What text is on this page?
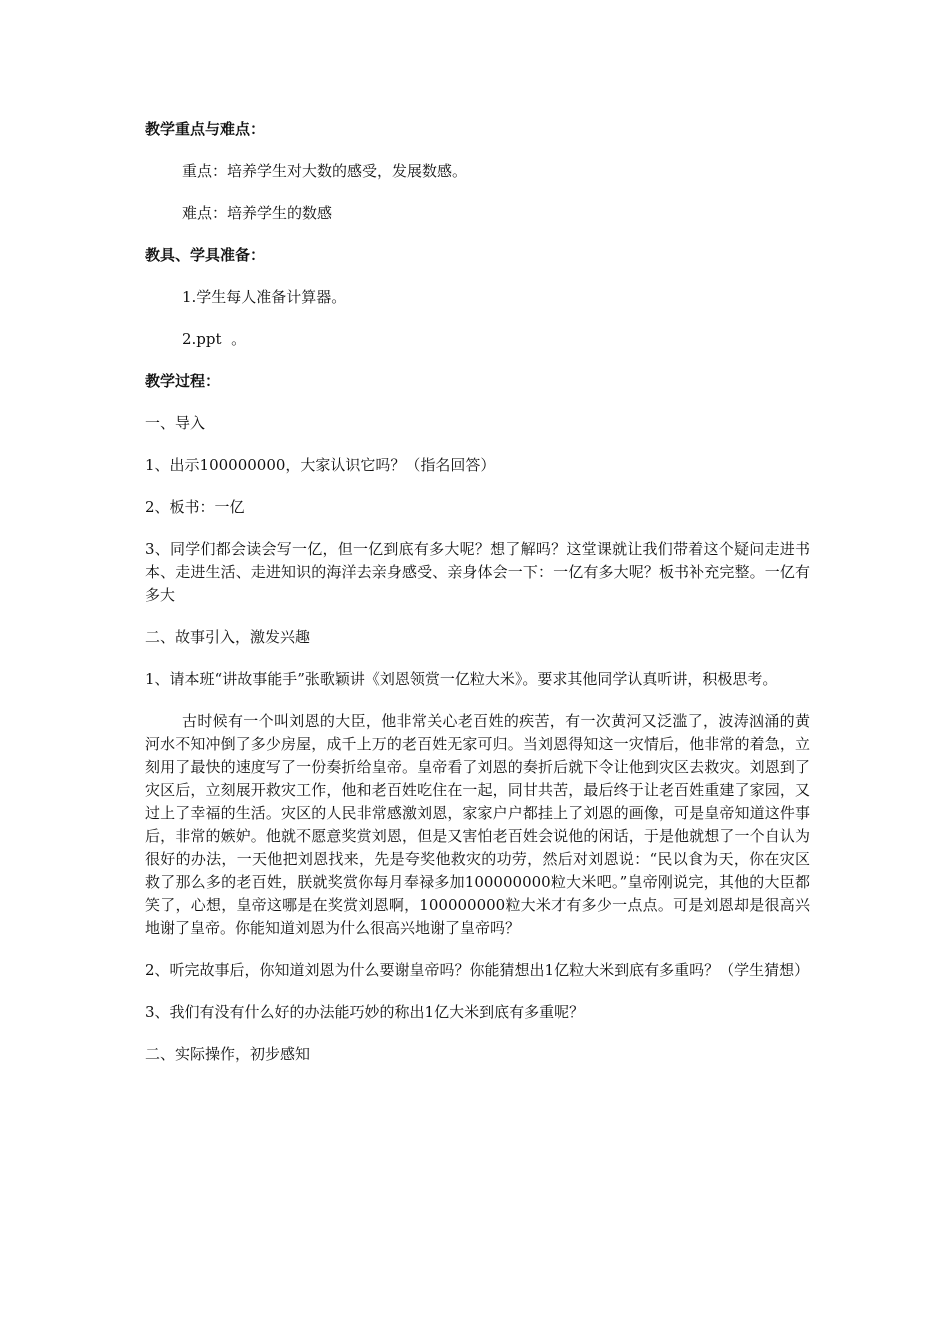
教学重点与难点：

重点：培养学生对大数的感受，发展数感。

难点：培养学生的数感

教具、学具准备：

1.学生每人准备计算器。

2.ppt  。

教学过程：

一、导入

1、出示100000000，大家认识它吗？（指名回答）

2、板书：一亿

3、同学们都会读会写一亿，但一亿到底有多大呢？想了解吗？这堂课就让我们带着这个疑问走进书本、走进生活、走进知识的海洋去亲身感受、亲身体会一下：一亿有多大呢？板书补充完整。一亿有多大

二、故事引入，激发兴趣

1、请本班“讲故事能手”张歌颖讲《刘恩领赏一亿粒大米》。要求其他同学认真听讲，积极思考。

古时候有一个叫刘恩的大臣，他非常关心老百姓的疾苦，有一次黄河又泛滥了，波涛汹涌的黄河水不知冲倒了多少房屋，成千上万的老百姓无家可归。当刘恩得知这一灾情后，他非常的着急，立刻用了最快的速度写了一份奏折给皇帝。皇帝看了刘恩的奏折后就下令让他到灾区去救灾。刘恩到了灾区后，立刻展开救灾工作，他和老百姓吃住在一起，同甘共苦，最后终于让老百姓重建了家园，又过上了幸福的生活。灾区的人民非常感激刘恩，家家户户都挂上了刘恩的画像，可是皇帝知道这件事后，非常的嫉妒。他就不愿意奖赏刘恩，但是又害怕老百姓会说他的闲话，于是他就想了一个自认为很好的办法，一天他把刘恩找来，先是夸奖他救灾的功劳，然后对刘恩说：“民以食为天，你在灾区救了那么多的老百姓，朕就奖赏你每月奉禄多加100000000粒大米吧。”皇帝刚说完，其他的大臣都笑了，心想，皇帝这哪是在奖赏刘恩啊，100000000粒大米才有多少一点点。可是刘恩却是很高兴地谢了皇帝。你能知道刘恩为什么很高兴地谢了皇帝吗？

2、听完故事后，你知道刘恩为什么要谢皇帝吗？你能猜想出1亿粒大米到底有多重吗？（学生猜想）

3、我们有没有什么好的办法能巧妙的称出1亿大米到底有多重呢？

二、实际操作，初步感知
